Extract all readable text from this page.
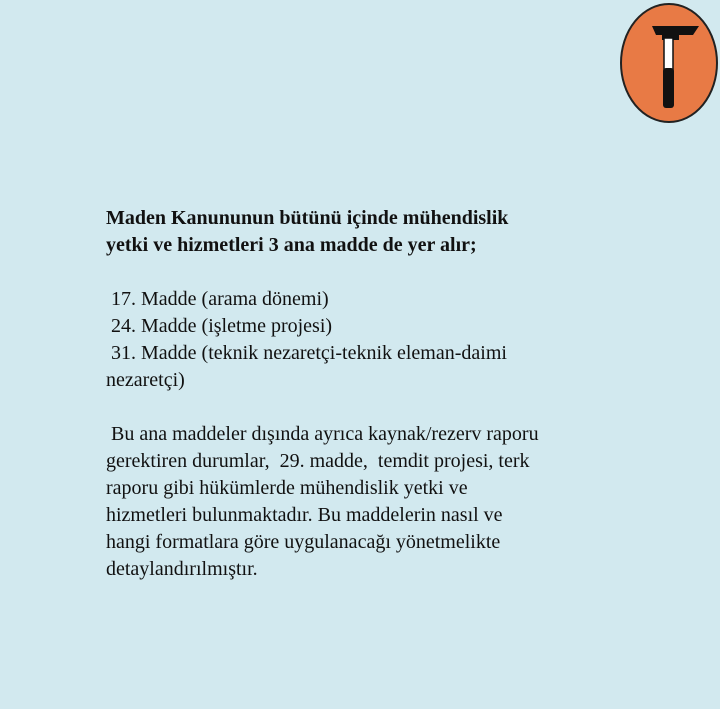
Maden Kanununun bütünü içinde mühendislik

yetki ve hizmetleri 3 ana madde de yer alır;

17. Madde (arama dönemi)

24. Madde (işletme projesi)

31. Madde (teknik nezaretçi-teknik eleman-daimi

nezaretçi)

Bu ana maddeler dışında ayrıca kaynak/rezerv raporu

gerektiren durumlar,  29. madde,  temdit projesi, terk

raporu gibi hükümlerde mühendislik yetki ve

hizmetleri bulunmaktadır. Bu maddelerin nasıl ve

hangi formatlara göre uygulanacağı yönetmelikte

detaylandırılmıştır.
